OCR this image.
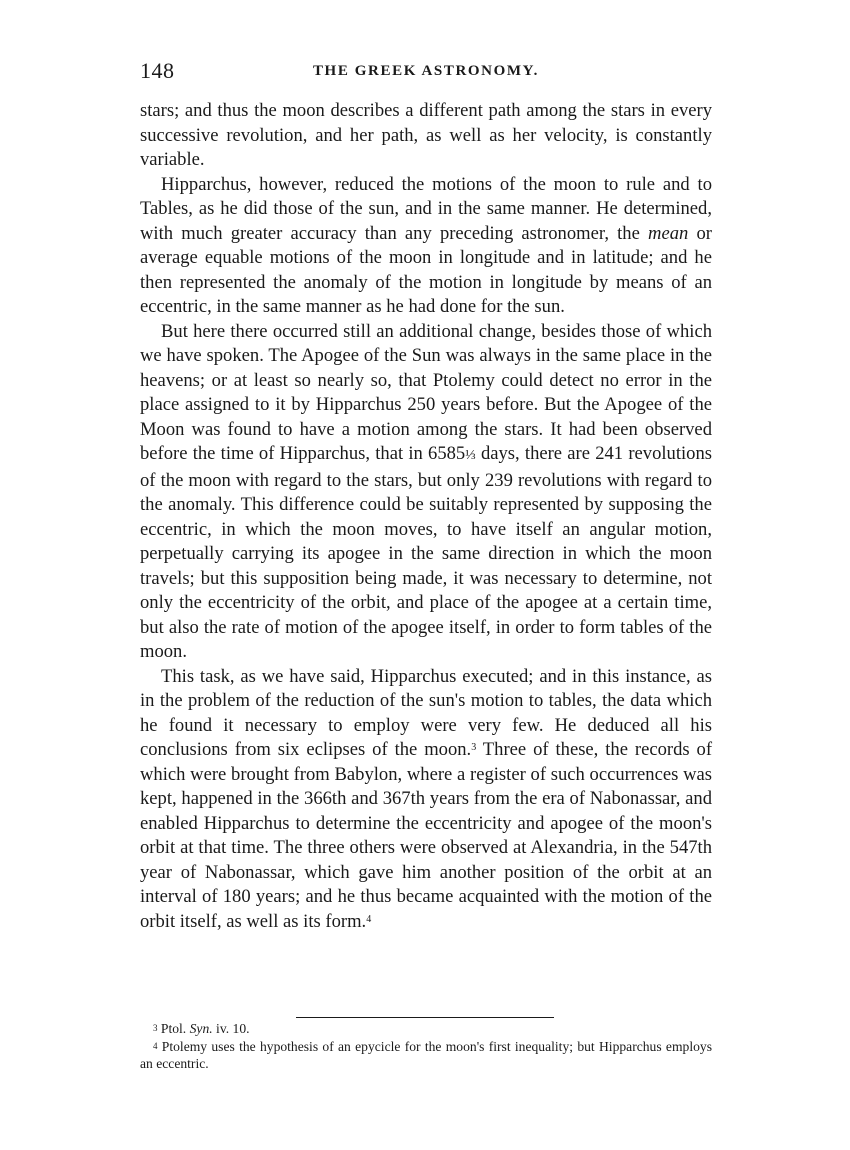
148	THE GREEK ASTRONOMY.

stars; and thus the moon describes a different path among the stars in every successive revolution, and her path, as well as her velocity, is constantly variable.

Hipparchus, however, reduced the motions of the moon to rule and to Tables, as he did those of the sun, and in the same manner. He determined, with much greater accuracy than any preceding astronomer, the mean or average equable motions of the moon in longitude and in latitude; and he then represented the anomaly of the motion in longitude by means of an eccentric, in the same manner as he had done for the sun.

But here there occurred still an additional change, besides those of which we have spoken. The Apogee of the Sun was always in the same place in the heavens; or at least so nearly so, that Ptolemy could detect no error in the place assigned to it by Hipparchus 250 years before. But the Apogee of the Moon was found to have a motion among the stars. It had been observed before the time of Hipparchus, that in 6585⅓ days, there are 241 revolutions of the moon with regard to the stars, but only 239 revolutions with regard to the anomaly. This difference could be suitably represented by supposing the eccentric, in which the moon moves, to have itself an angular motion, perpetually carrying its apogee in the same direction in which the moon travels; but this supposition being made, it was necessary to determine, not only the eccentricity of the orbit, and place of the apogee at a certain time, but also the rate of motion of the apogee itself, in order to form tables of the moon.

This task, as we have said, Hipparchus executed; and in this instance, as in the problem of the reduction of the sun's motion to tables, the data which he found it necessary to employ were very few. He deduced all his conclusions from six eclipses of the moon.$^3$ Three of these, the records of which were brought from Babylon, where a register of such occurrences was kept, happened in the 366th and 367th years from the era of Nabonassar, and enabled Hipparchus to determine the eccentricity and apogee of the moon's orbit at that time. The three others were observed at Alexandria, in the 547th year of Nabonassar, which gave him another position of the orbit at an interval of 180 years; and he thus became acquainted with the motion of the orbit itself, as well as its form.$^4$

$^3$ Ptol. Syn. iv. 10.

$^4$ Ptolemy uses the hypothesis of an epycicle for the moon's first inequality; but Hipparchus employs an eccentric.
